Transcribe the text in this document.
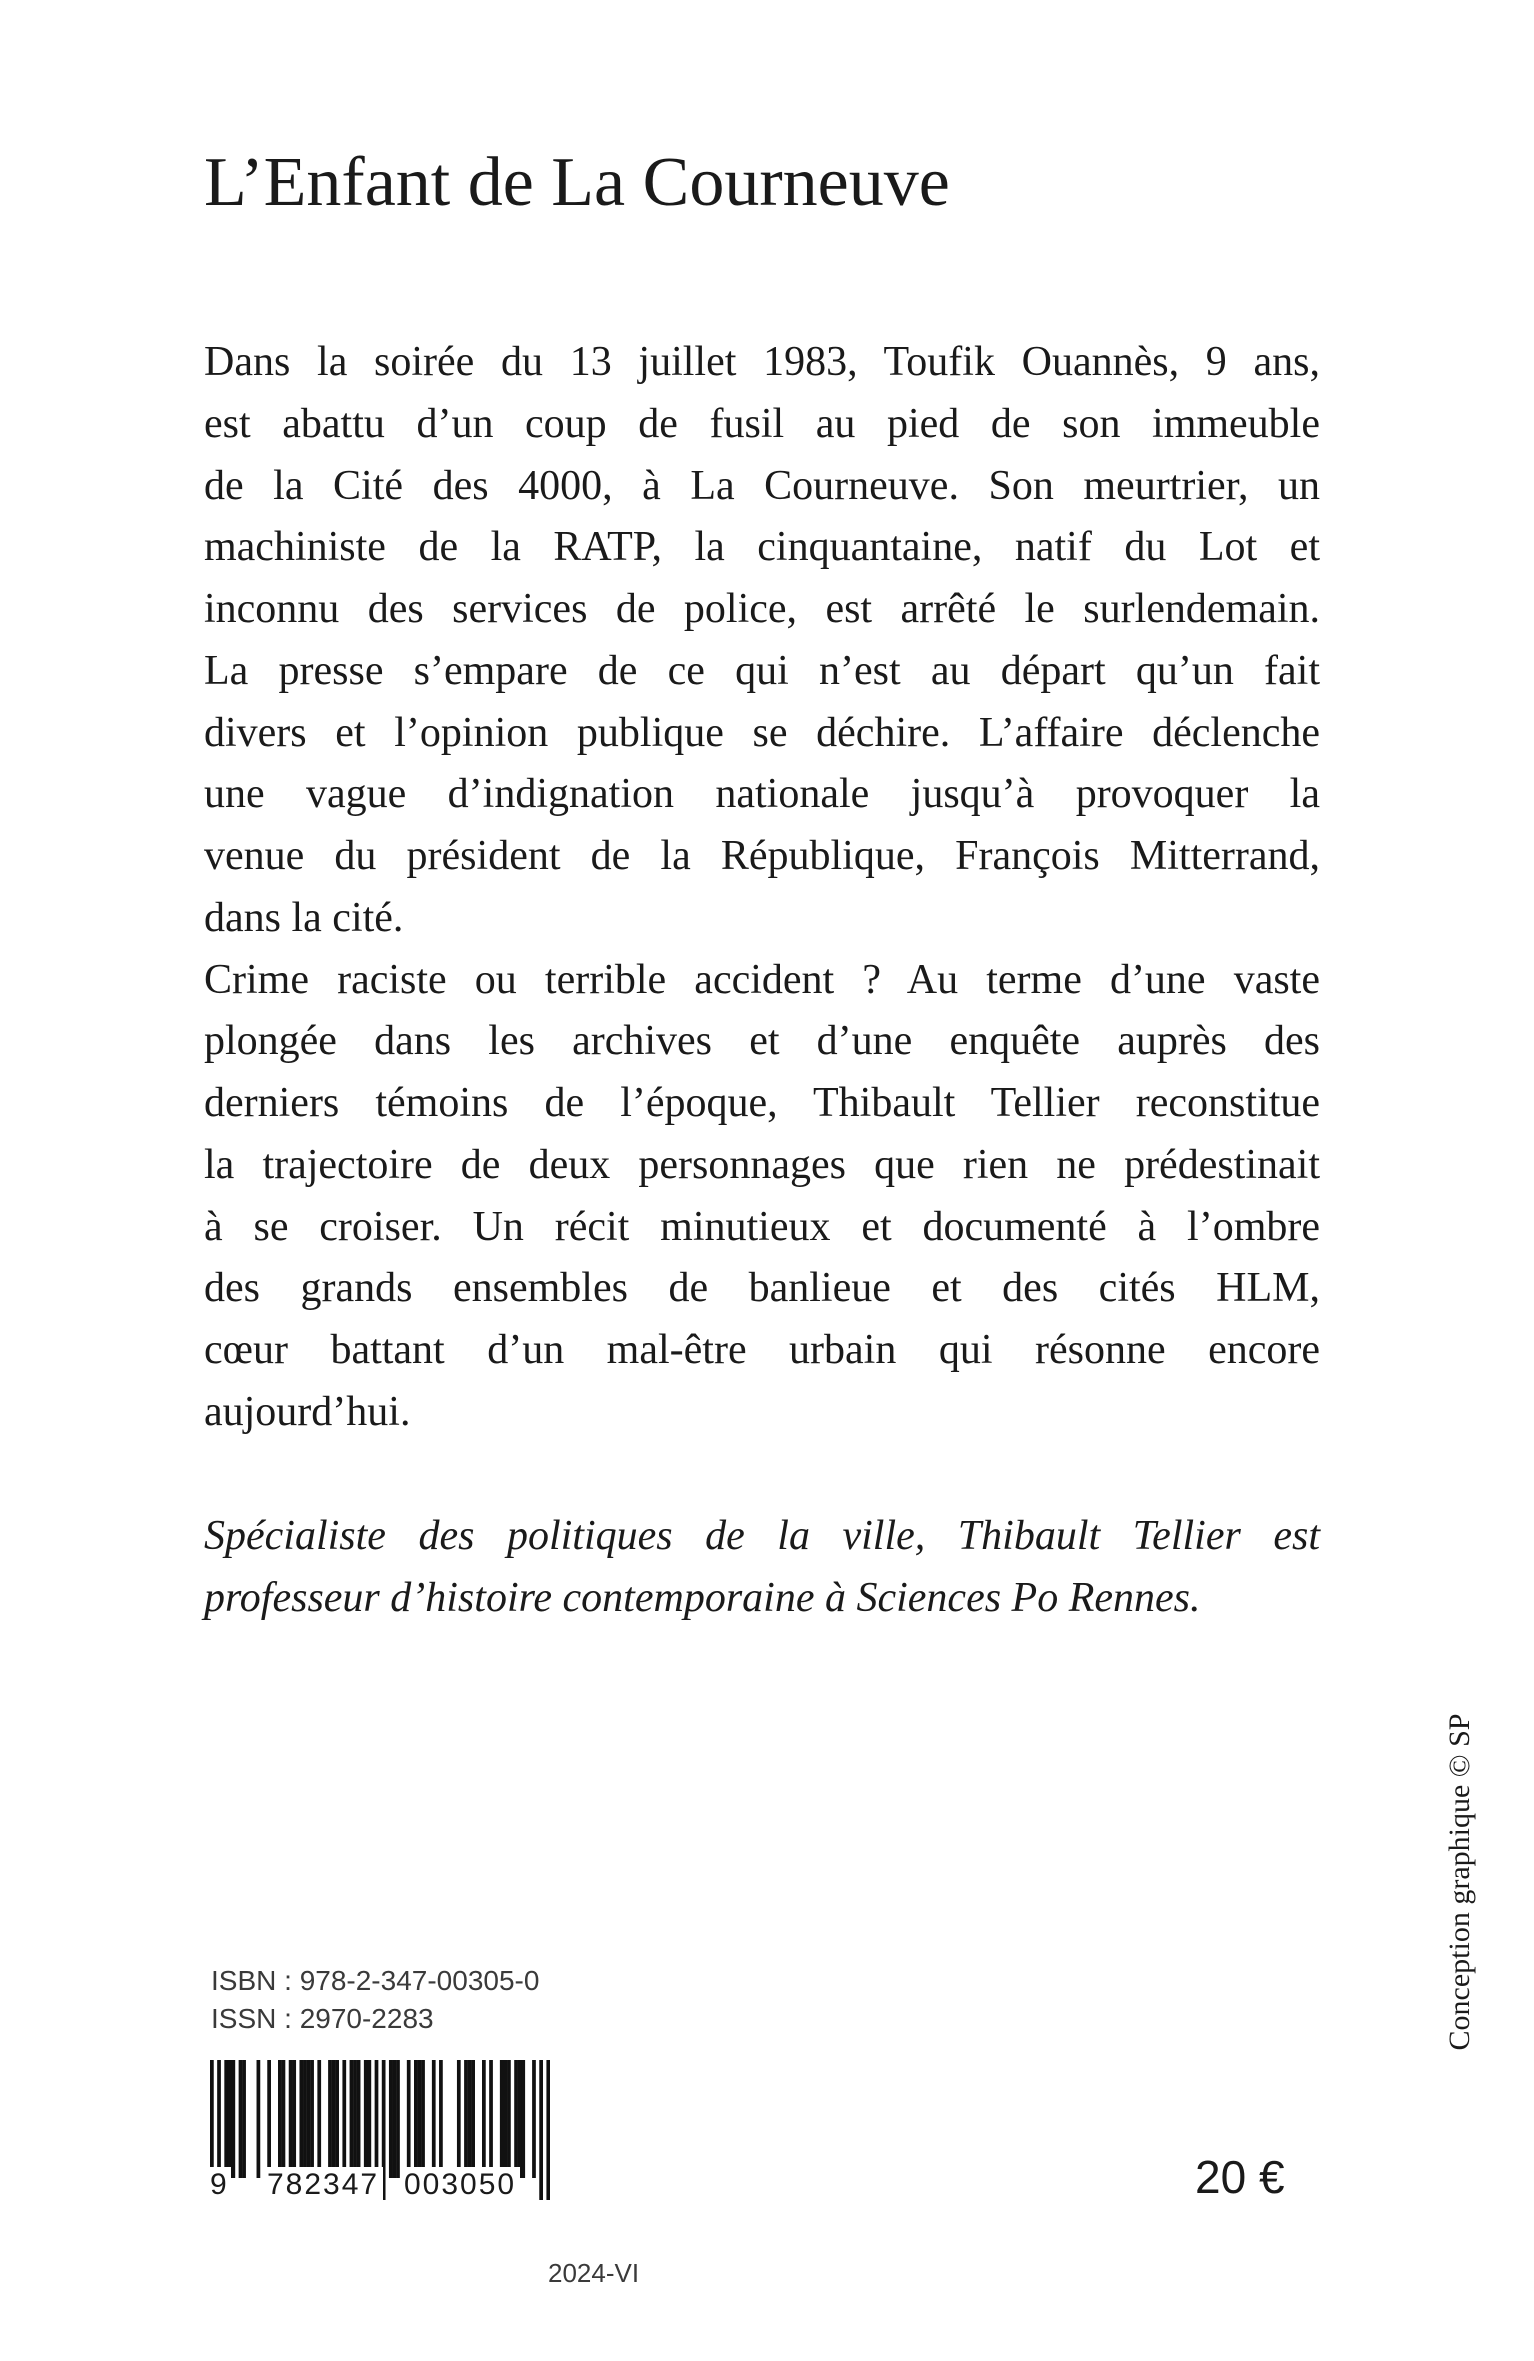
L’Enfant de La Courneuve
Dans la soirée du 13 juillet 1983, Toufik Ouannès, 9 ans,
est abattu d’un coup de fusil au pied de son immeuble
de la Cité des 4000, à La Courneuve. Son meurtrier, un
machiniste de la RATP, la cinquantaine, natif du Lot et
inconnu des services de police, est arrêté le surlendemain.
La presse s’empare de ce qui n’est au départ qu’un fait
divers et l’opinion publique se déchire. L’affaire déclenche
une vague d’indignation nationale jusqu’à provoquer la
venue du président de la République, François Mitterrand,
dans la cité.
Crime raciste ou terrible accident ? Au terme d’une vaste
plongée dans les archives et d’une enquête auprès des
derniers témoins de l’époque, Thibault Tellier reconstitue
la trajectoire de deux personnages que rien ne prédestinait
à se croiser. Un récit minutieux et documenté à l’ombre
des grands ensembles de banlieue et des cités HLM,
cœur battant d’un mal-être urbain qui résonne encore
aujourd’hui.
Spécialiste des politiques de la ville, Thibault Tellier est
professeur d’histoire contemporaine à Sciences Po Rennes.
Conception graphique © SP
ISBN : 978-2-347-00305-0
ISSN : 2970-2283
9 782347 003050	20 €
2024-VI
